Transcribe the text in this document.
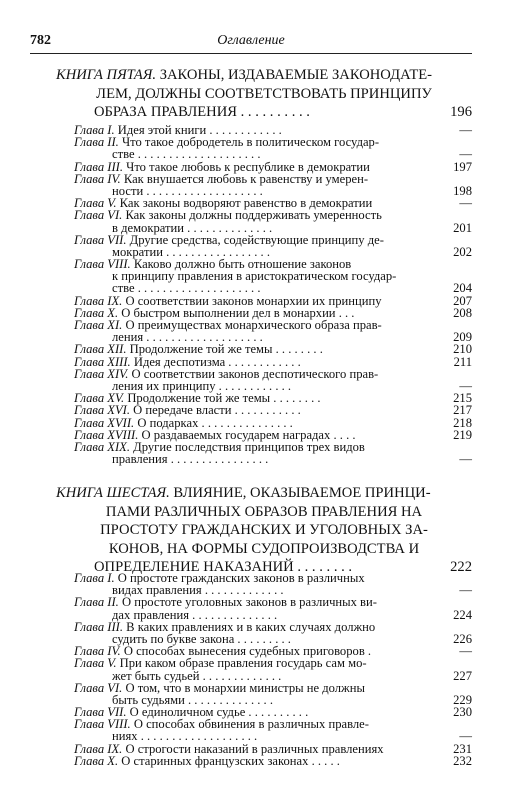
782	Оглавление
КНИГА ПЯТАЯ. ЗАКОНЫ, ИЗДАВАЕМЫЕ ЗАКОНОДАТЕ-
ЛЕМ, ДОЛЖНЫ СООТВЕТСТВОВАТЬ ПРИНЦИПУ
ОБРАЗА ПРАВЛЕНИЯ . . . . . . . . . .	196
Глава I. Идея этой книги . . . . . . . . . . . .	—
Глава II. Что такое добродетель в политическом государ-
стве . . . . . . . . . . . . . . . . . . . .	—
Глава III. Что такое любовь к республике в демократии	197
Глава IV. Как внушается любовь к равенству и умерен-
ности . . . . . . . . . . . . . . . . . . .	198
Глава V. Как законы водворяют равенство в демократии	—
Глава VI. Как законы должны поддерживать умеренность
в демократии . . . . . . . . . . . . . .	201
Глава VII. Другие средства, содействующие принципу де-
мократии . . . . . . . . . . . . . . . . .	202
Глава VIII. Каково должно быть отношение законов
к принципу правления в аристократическом государ-
стве . . . . . . . . . . . . . . . . . . . .	204
Глава IX. О соответствии законов монархии их принципу	207
Глава X. О быстром выполнении дел в монархии . . .	208
Глава XI. О преимуществах монархического образа прав-
ления . . . . . . . . . . . . . . . . . . .	209
Глава XII. Продолжение той же темы . . . . . . . .	210
Глава XIII. Идея деспотизма . . . . . . . . . . . .	211
Глава XIV. О соответствии законов деспотического прав-
ления их принципу . . . . . . . . . . . .	—
Глава XV. Продолжение той же темы . . . . . . . .	215
Глава XVI. О передаче власти . . . . . . . . . . .	217
Глава XVII. О подарках . . . . . . . . . . . . . . .	218
Глава XVIII. О раздаваемых государем наградах . . . .	219
Глава XIX. Другие последствия принципов трех видов
правления . . . . . . . . . . . . . . . .	—
КНИГА ШЕСТАЯ. ВЛИЯНИЕ, ОКАЗЫВАЕМОЕ ПРИНЦИ-
ПАМИ РАЗЛИЧНЫХ ОБРАЗОВ ПРАВЛЕНИЯ НА
ПРОСТОТУ ГРАЖДАНСКИХ И УГОЛОВНЫХ ЗА-
КОНОВ, НА ФОРМЫ СУДОПРОИЗВОДСТВА И
ОПРЕДЕЛЕНИЕ НАКАЗАНИЙ . . . . . . . .	222
Глава I. О простоте гражданских законов в различных
видах правления . . . . . . . . . . . . .	—
Глава II. О простоте уголовных законов в различных ви-
дах правления . . . . . . . . . . . . . .	224
Глава III. В каких правлениях и в каких случаях должно
судить по букве закона . . . . . . . . .	226
Глава IV. О способах вынесения судебных приговоров .	—
Глава V. При каком образе правления государь сам мо-
жет быть судьей . . . . . . . . . . . . .	227
Глава VI. О том, что в монархии министры не должны
быть судьями . . . . . . . . . . . . . .	229
Глава VII. О единоличном судье . . . . . . . . . .	230
Глава VIII. О способах обвинения в различных правле-
ниях . . . . . . . . . . . . . . . . . . .	—
Глава IX. О строгости наказаний в различных правлениях	231
Глава X. О старинных французских законах . . . . .	232
